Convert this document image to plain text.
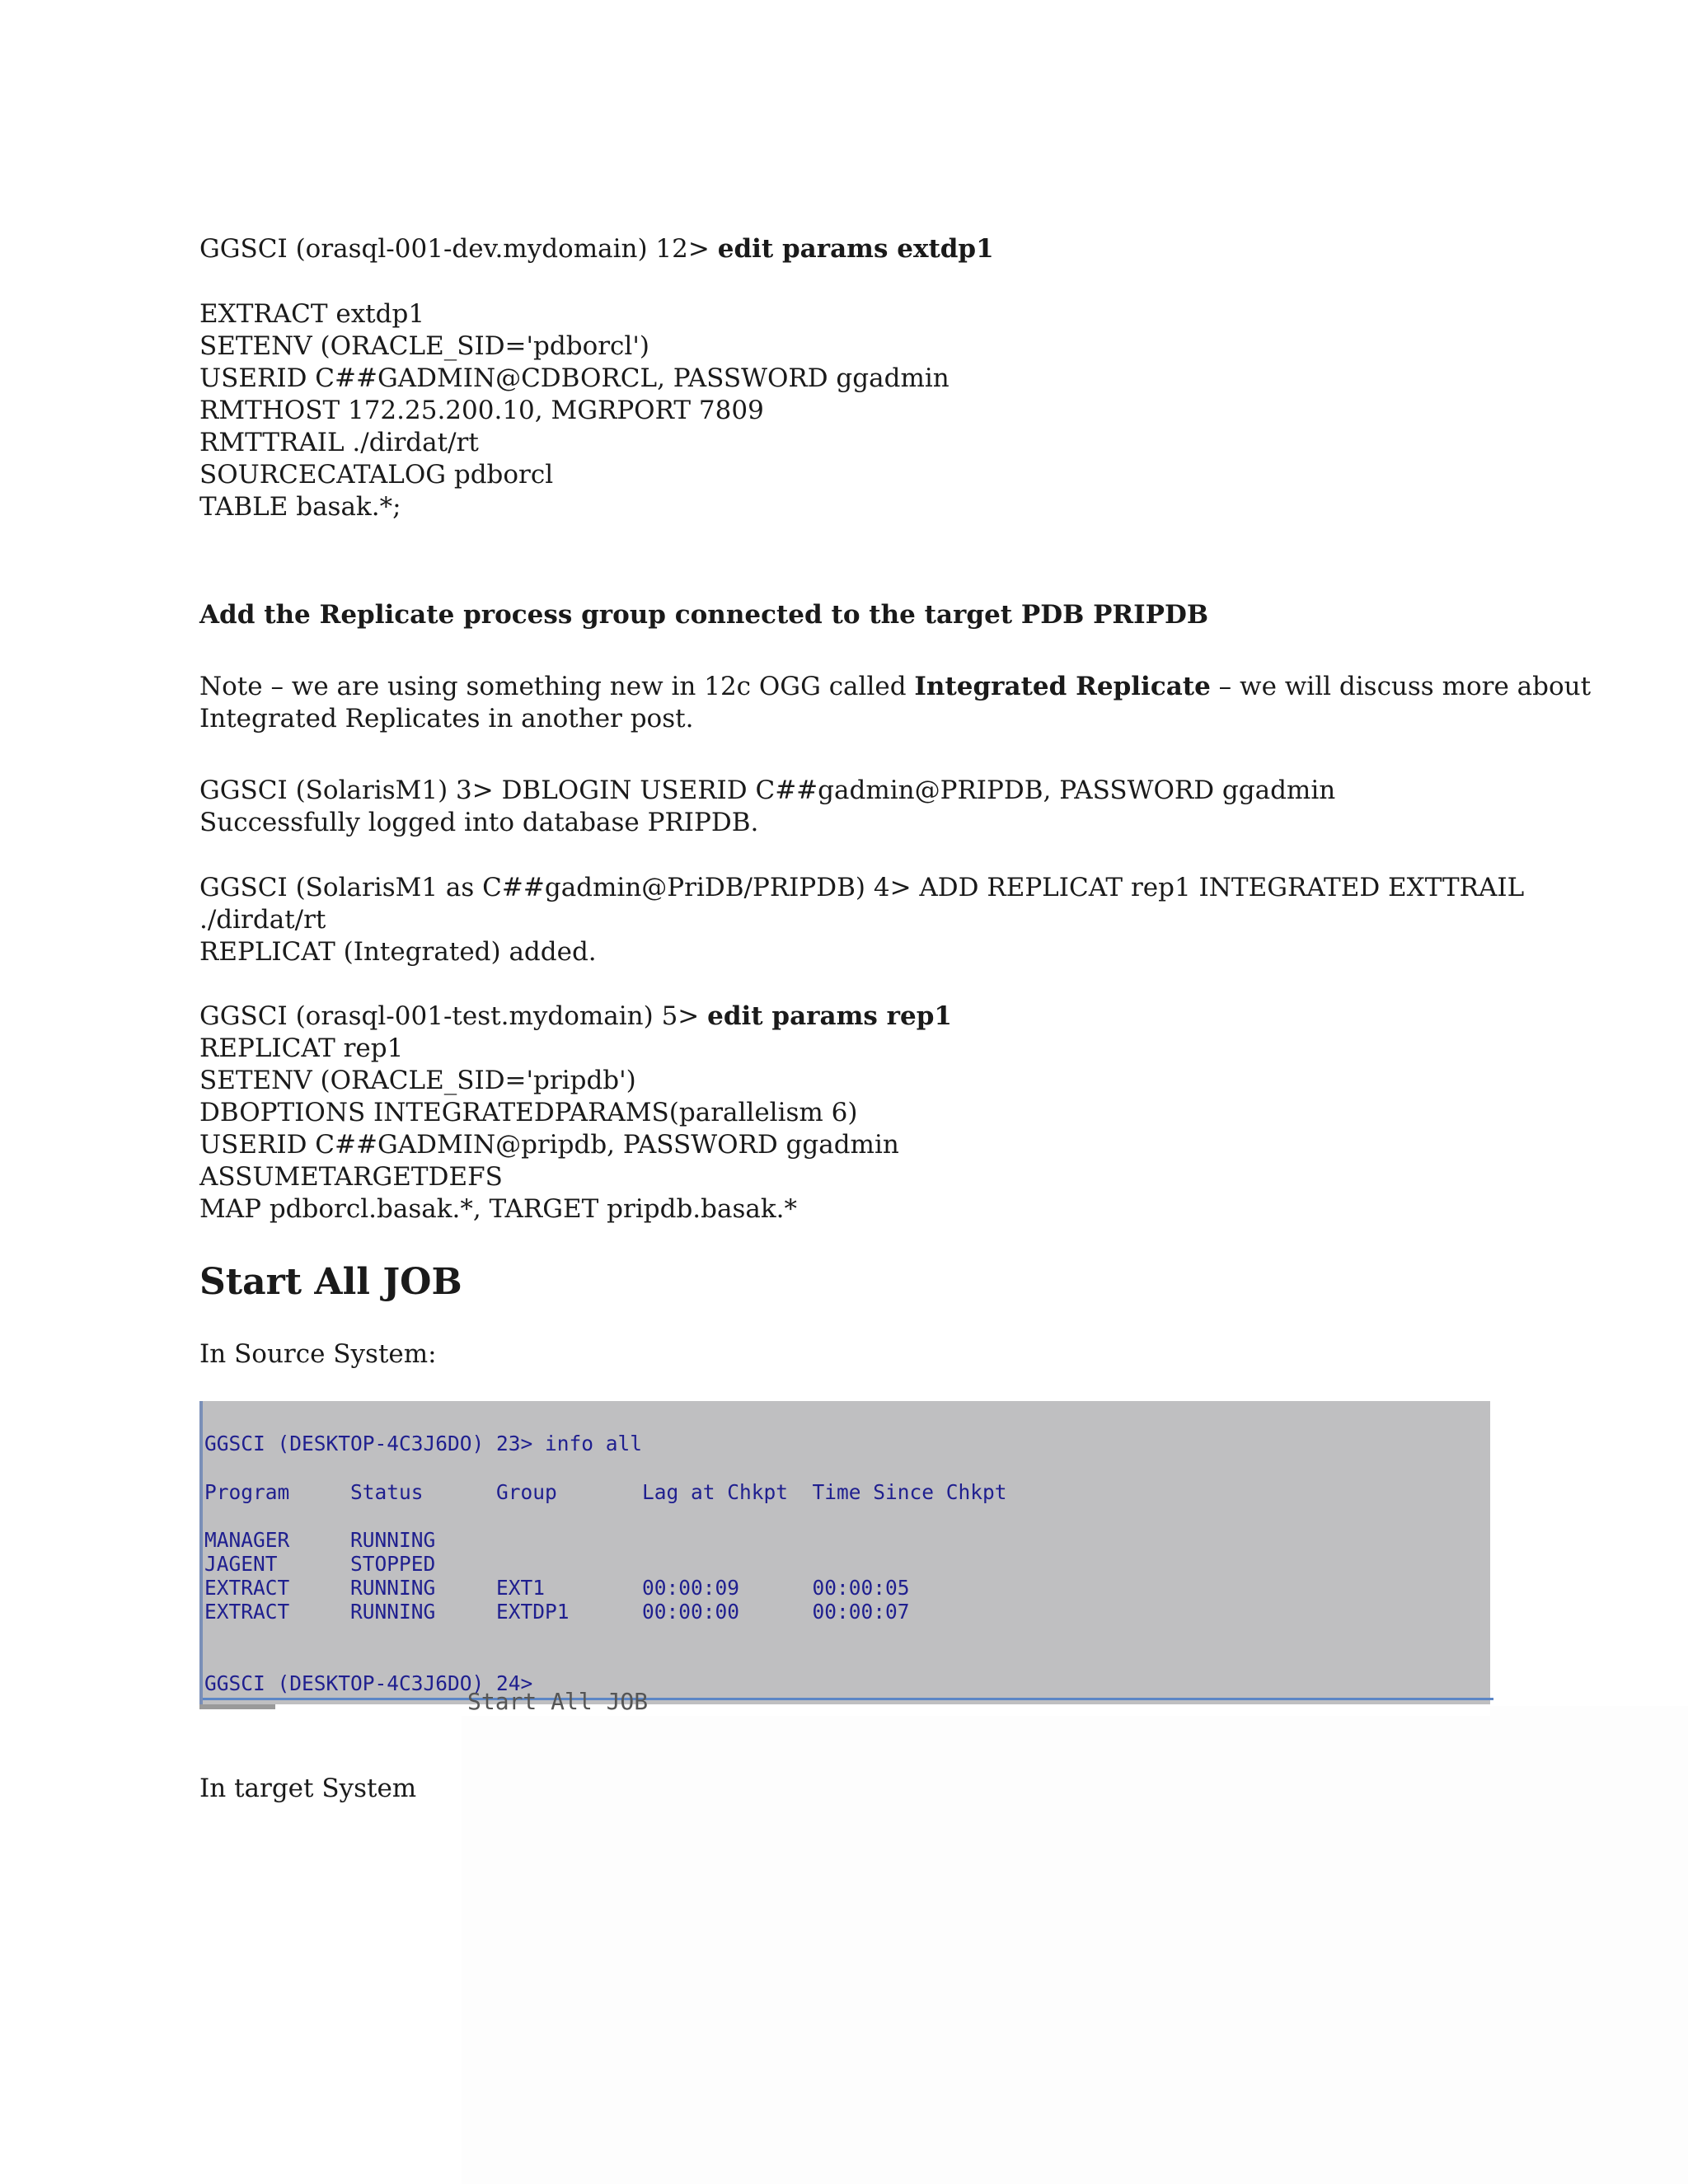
GGSCI (orasql-001-dev.mydomain) 12> edit params extdp1
EXTRACT extdp1
SETENV (ORACLE_SID='pdborcl')
USERID C##GADMIN@CDBORCL, PASSWORD ggadmin
RMTHOST 172.25.200.10, MGRPORT 7809
RMTTRAIL ./dirdat/rt
SOURCECATALOG pdborcl
TABLE basak.*;
Add the Replicate process group connected to the target PDB PRIPDB
Note – we are using something new in 12c OGG called Integrated Replicate – we will discuss more about
Integrated Replicates in another post.
GGSCI (SolarisM1) 3> DBLOGIN USERID C##gadmin@PRIPDB, PASSWORD ggadmin
Successfully logged into database PRIPDB.
GGSCI (SolarisM1 as C##gadmin@PriDB/PRIPDB) 4> ADD REPLICAT rep1 INTEGRATED EXTTRAIL
./dirdat/rt
REPLICAT (Integrated) added.
GGSCI (orasql-001-test.mydomain) 5> edit params rep1
REPLICAT rep1
SETENV (ORACLE_SID='pripdb')
DBOPTIONS INTEGRATEDPARAMS(parallelism 6)
USERID C##GADMIN@pripdb, PASSWORD ggadmin
ASSUMETARGETDEFS
MAP pdborcl.basak.*, TARGET pripdb.basak.*
Start All JOB
In Source System:
GGSCI (DESKTOP-4C3J6DO) 23> info all
Program     Status      Group       Lag at Chkpt  Time Since Chkpt
MANAGER     RUNNING
JAGENT      STOPPED
EXTRACT     RUNNING     EXT1        00:00:09      00:00:05
EXTRACT     RUNNING     EXTDP1      00:00:00      00:00:07
GGSCI (DESKTOP-4C3J6DO) 24>
Start All JOB
In target System
